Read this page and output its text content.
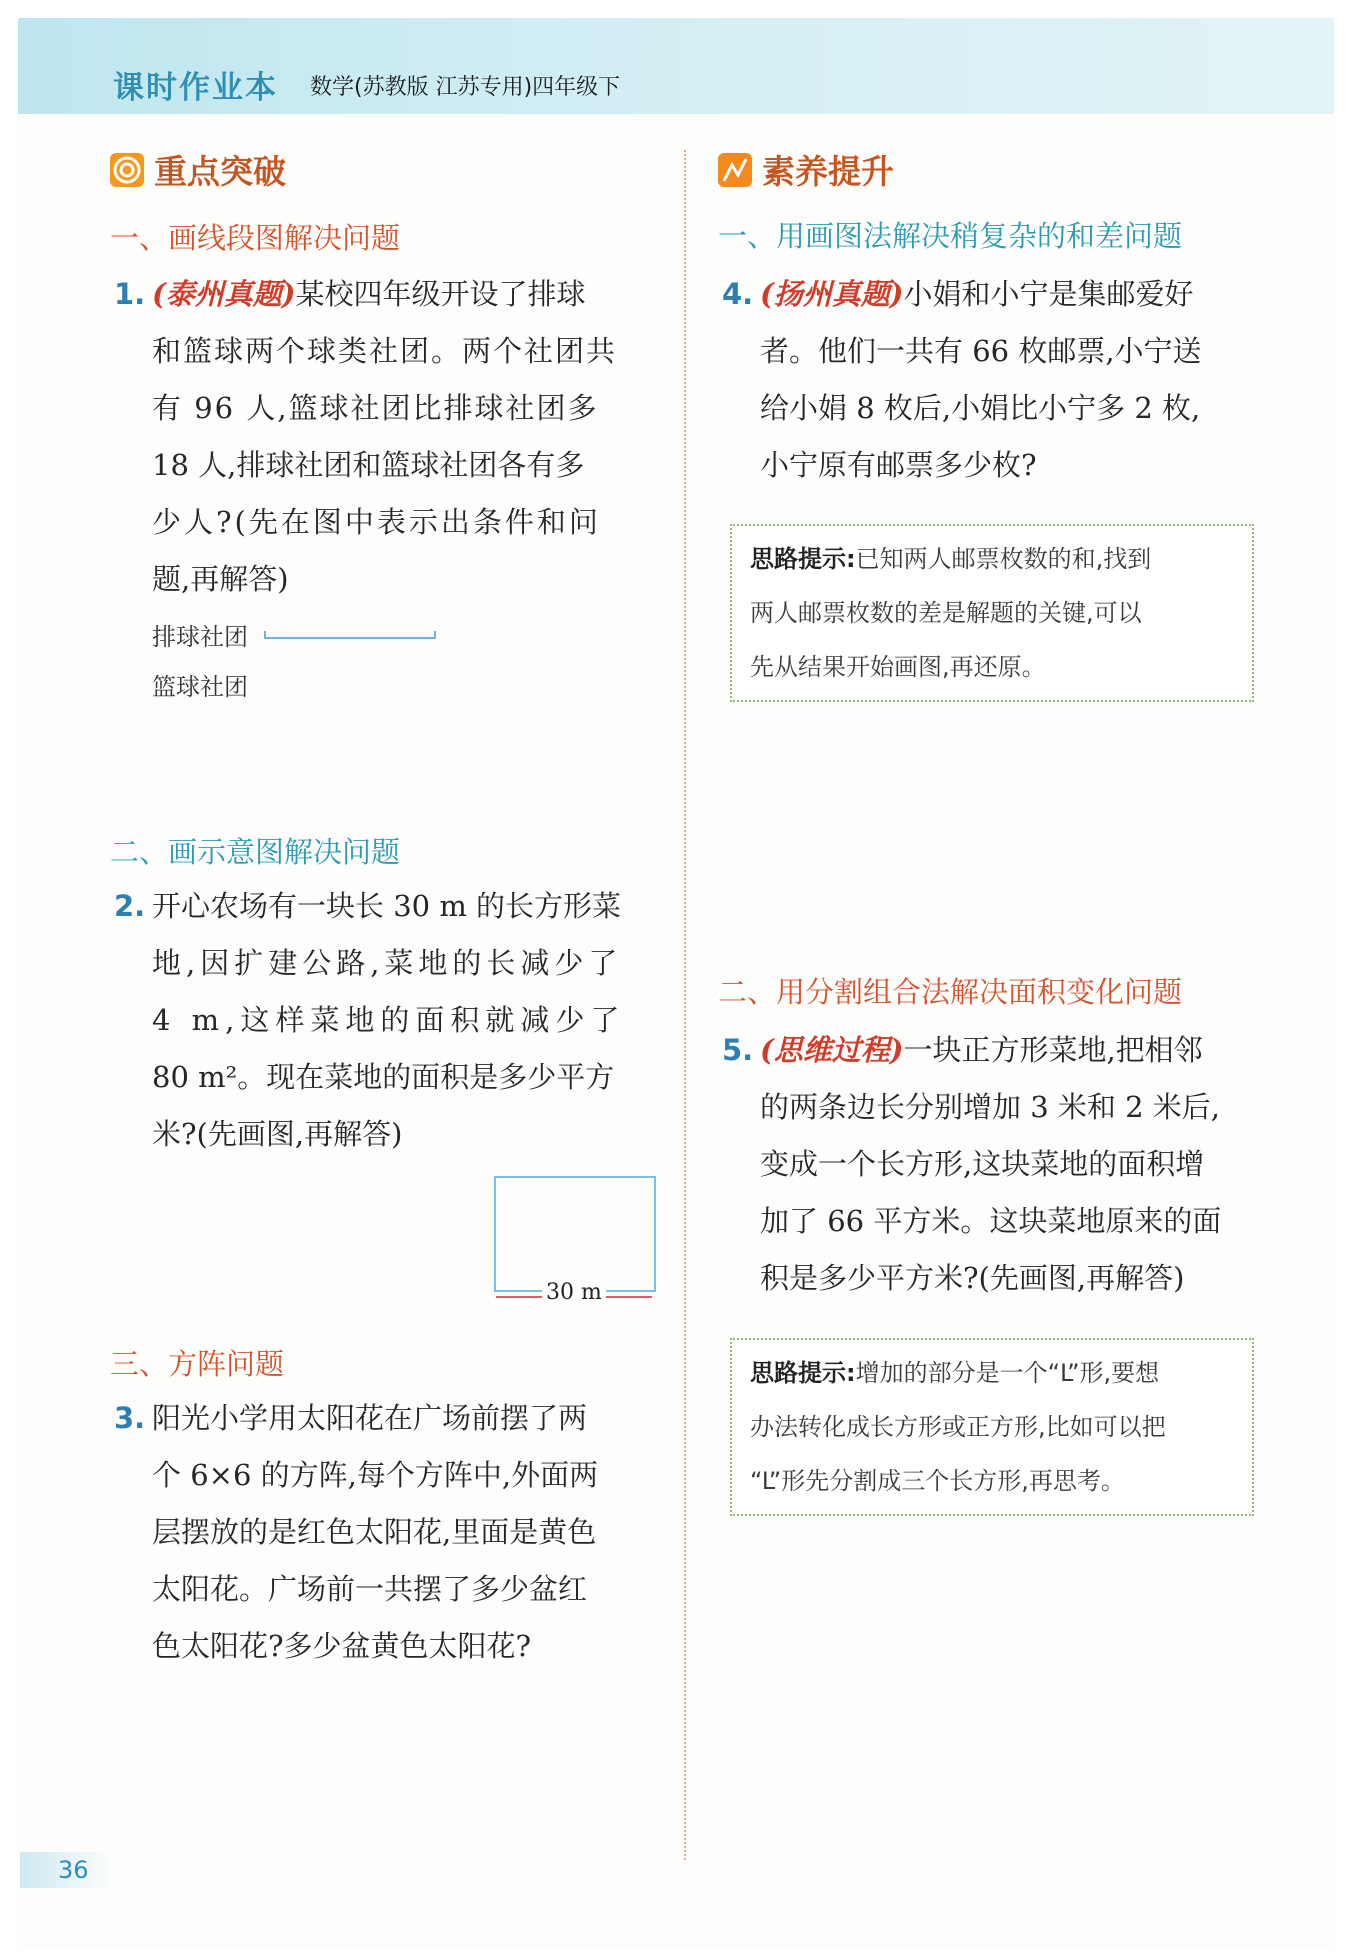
课时作业本 数学(苏教版 江苏专用)四年级下
重点突破
一、画线段图解决问题
1. (泰州真题)某校四年级开设了排球
和篮球两个球类社团。两个社团共
有 96 人,篮球社团比排球社团多
18 人,排球社团和篮球社团各有多
少人?(先在图中表示出条件和问
题,再解答)
排球社团
篮球社团
二、画示意图解决问题
2. 开心农场有一块长 30 m 的长方形菜
地,因扩建公路,菜地的长减少了
4 m,这样菜地的面积就减少了
80 m²。现在菜地的面积是多少平方
米?(先画图,再解答)
30 m
三、方阵问题
3. 阳光小学用太阳花在广场前摆了两
个 6×6 的方阵,每个方阵中,外面两
层摆放的是红色太阳花,里面是黄色
太阳花。广场前一共摆了多少盆红
色太阳花?多少盆黄色太阳花?
素养提升
一、用画图法解决稍复杂的和差问题
4. (扬州真题)小娟和小宁是集邮爱好
者。他们一共有 66 枚邮票,小宁送
给小娟 8 枚后,小娟比小宁多 2 枚,
小宁原有邮票多少枚?
思路提示:已知两人邮票枚数的和,找到
两人邮票枚数的差是解题的关键,可以
先从结果开始画图,再还原。
二、用分割组合法解决面积变化问题
5. (思维过程)一块正方形菜地,把相邻
的两条边长分别增加 3 米和 2 米后,
变成一个长方形,这块菜地的面积增
加了 66 平方米。这块菜地原来的面
积是多少平方米?(先画图,再解答)
思路提示:增加的部分是一个“L”形,要想
办法转化成长方形或正方形,比如可以把
“L”形先分割成三个长方形,再思考。
36
